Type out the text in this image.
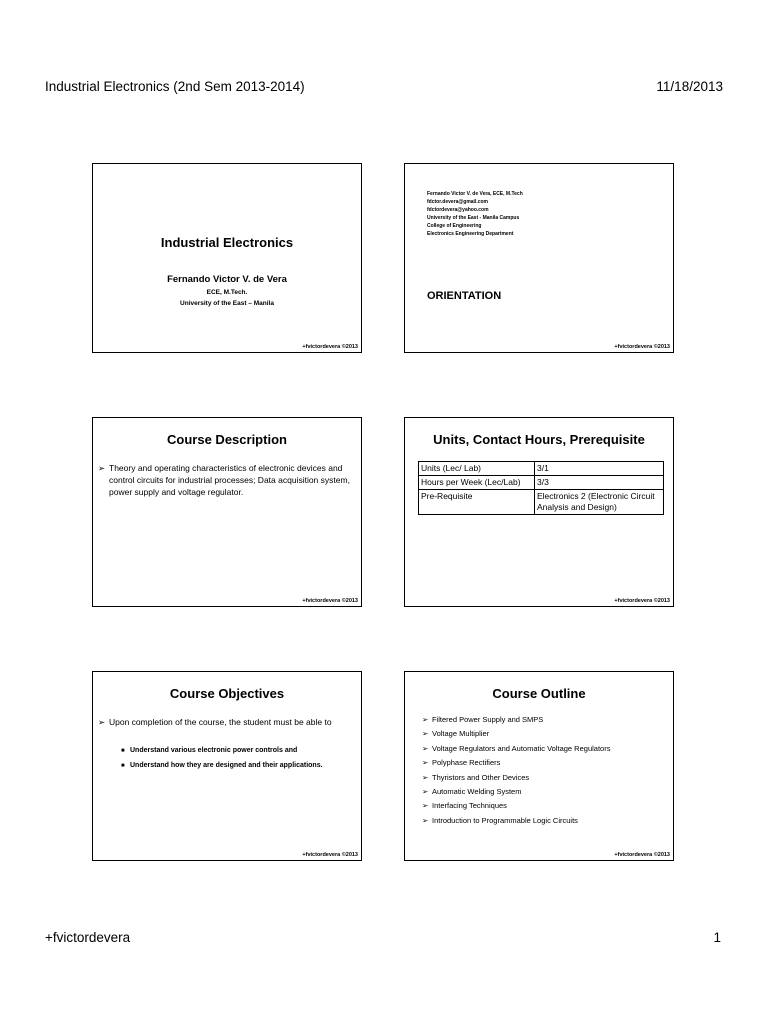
Industrial Electronics (2nd Sem 2013-2014)	11/18/2013
Industrial Electronics
Fernando Victor V. de Vera
ECE, M.Tech.
University of the East – Manila
+fvictordevera ©2013
Fernando Victor V. de Vera, ECE, M.Tech
fdctor.devera@gmail.com
fdctordevera@yahoo.com
University of the East - Manila Campus
College of Engineering
Electronics Engineering Department
ORIENTATION
+fvictordevera ©2013
Course Description
➢ Theory and operating characteristics of electronic devices and control circuits for industrial processes; Data acquisition system, power supply and voltage regulator.
+fvictordevera ©2013
Units, Contact Hours, Prerequisite
Units (Lec/ Lab)	3/1
Hours per Week (Lec/Lab)	3/3
Pre-Requisite	Electronics 2 (Electronic Circuit Analysis and Design)
+fvictordevera ©2013
Course Objectives
➢ Upon completion of the course, the student must be able to
■ Understand various electronic power controls and
■ Understand how they are designed and their applications.
+fvictordevera ©2013
Course Outline
➢ Filtered Power Supply and SMPS
➢ Voltage Multiplier
➢ Voltage Regulators and Automatic Voltage Regulators
➢ Polyphase Rectifiers
➢ Thyristors and Other Devices
➢ Automatic Welding System
➢ Interfacing Techniques
➢ Introduction to Programmable Logic Circuits
+fvictordevera ©2013
+fvictordevera	1
